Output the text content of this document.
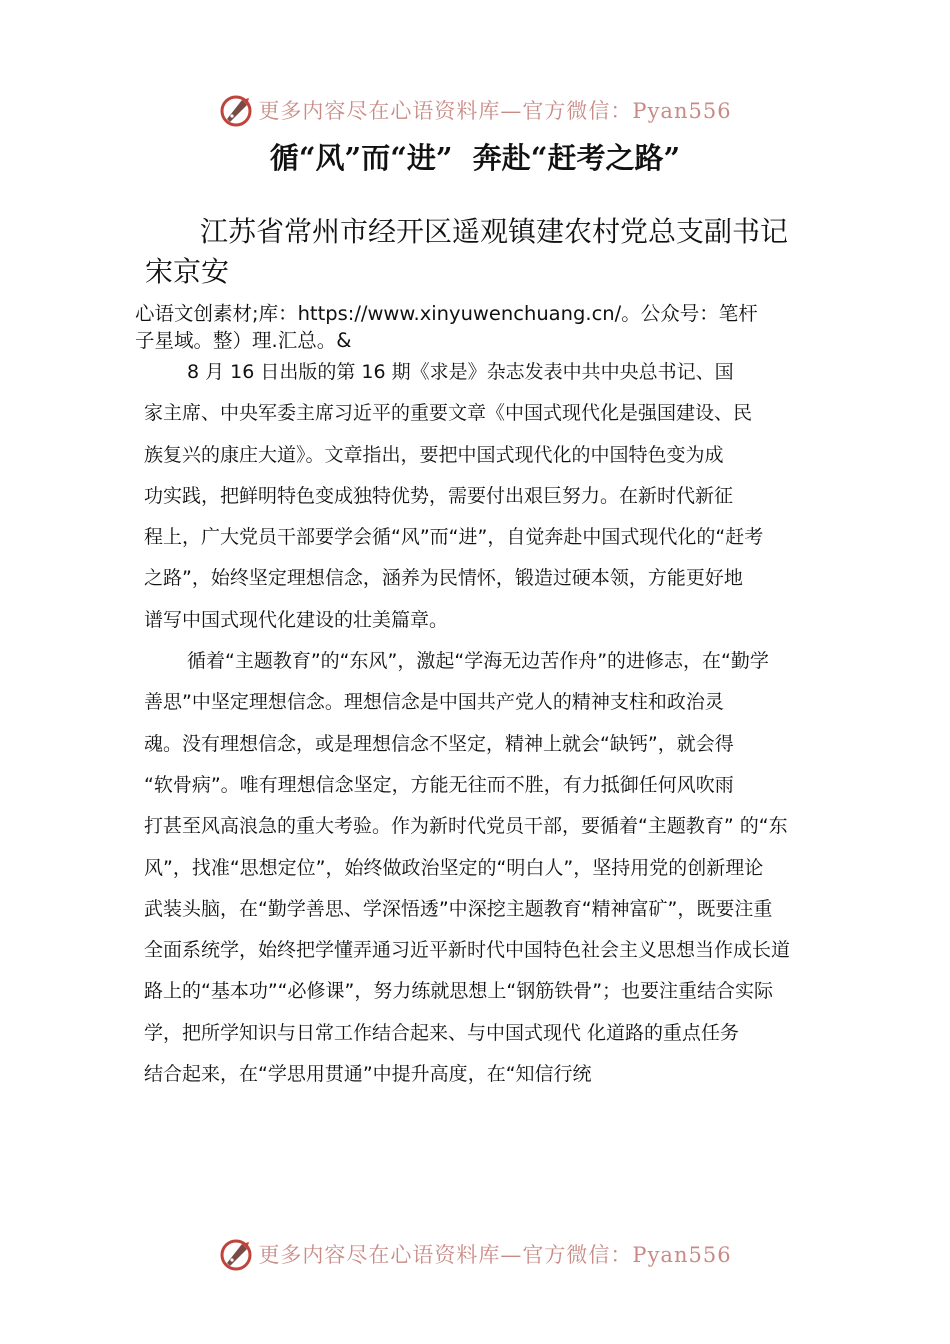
更多内容尽在心语资料库—官方微信：Pyan556
循“风”而“进”  奔赴“赶考之路”
江苏省常州市经开区遥观镇建农村党总支副书记
宋京安
心语文创素材;库：https://www.xinyuwenchuang.cn/。公众号：笔杆
子星域。整）理.汇总。&
8 月 16 日出版的第 16 期《求是》杂志发表中共中央总书记、国
家主席、中央军委主席习近平的重要文章《中国式现代化是强国建设、民
族复兴的康庄大道》。文章指出，要把中国式现代化的中国特色变为成
功实践，把鲜明特色变成独特优势，需要付出艰巨努力。在新时代新征
程上，广大党员干部要学会循“风”而“进”，自觉奔赴中国式现代化的“赶考
之路”，始终坚定理想信念，涵养为民情怀，锻造过硬本领，方能更好地
谱写中国式现代化建设的壮美篇章。
循着“主题教育”的“东风”，激起“学海无边苦作舟”的进修志，在“勤学
善思”中坚定理想信念。理想信念是中国共产党人的精神支柱和政治灵
魂。没有理想信念，或是理想信念不坚定，精神上就会“缺钙”，就会得
“软骨病”。唯有理想信念坚定，方能无往而不胜，有力抵御任何风吹雨
打甚至风高浪急的重大考验。作为新时代党员干部，要循着“主题教育” 的“东
风”，找准“思想定位”，始终做政治坚定的“明白人”，坚持用党的创新理论
武装头脑，在“勤学善思、学深悟透”中深挖主题教育“精神富矿”，既要注重
全面系统学，始终把学懂弄通习近平新时代中国特色社会主义思想当作成长道
路上的“基本功”“必修课”，努力练就思想上“钢筋铁骨”；也要注重结合实际
学，把所学知识与日常工作结合起来、与中国式现代 化道路的重点任务
结合起来，在“学思用贯通”中提升高度，在“知信行统
更多内容尽在心语资料库—官方微信：Pyan556
